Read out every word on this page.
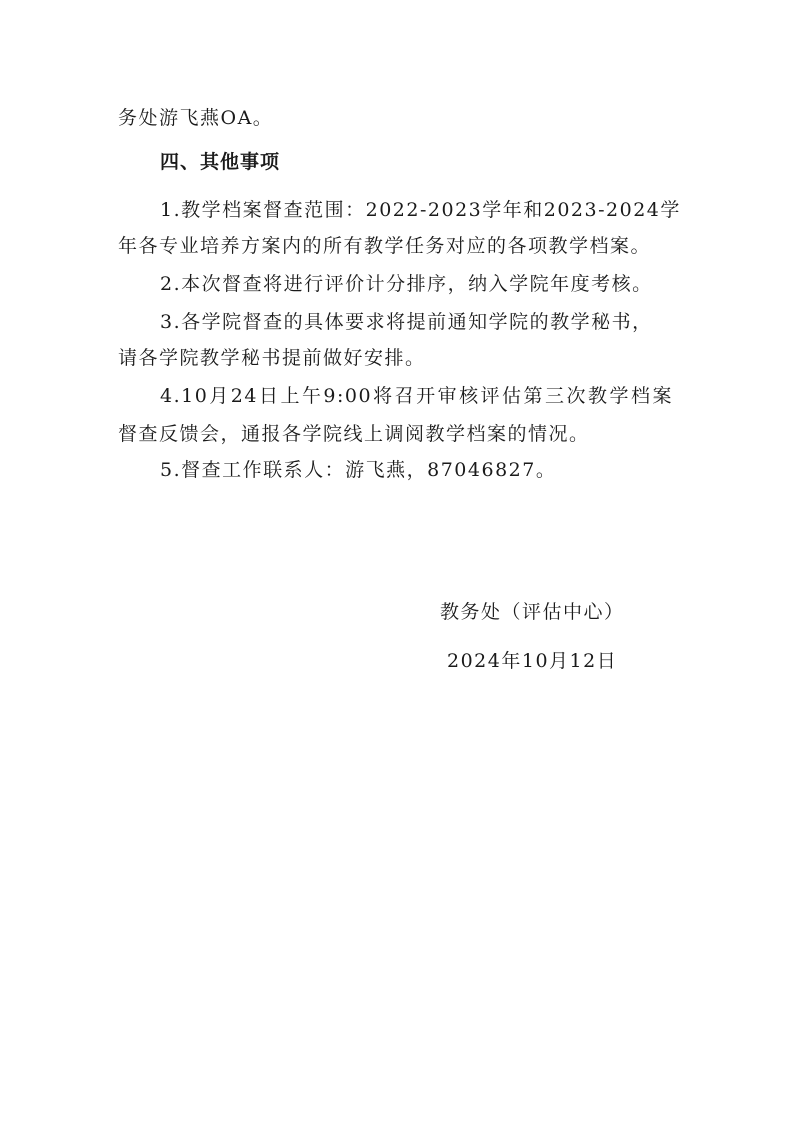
务处游飞燕OA。
四、其他事项
1.教学档案督查范围：2022-2023学年和2023-2024学
年各专业培养方案内的所有教学任务对应的各项教学档案。
2.本次督查将进行评价计分排序，纳入学院年度考核。
3.各学院督查的具体要求将提前通知学院的教学秘书，
请各学院教学秘书提前做好安排。
4.10月24日上午9:00将召开审核评估第三次教学档案
督查反馈会，通报各学院线上调阅教学档案的情况。
5.督查工作联系人：游飞燕，87046827。
教务处（评估中心）
2024年10月12日
